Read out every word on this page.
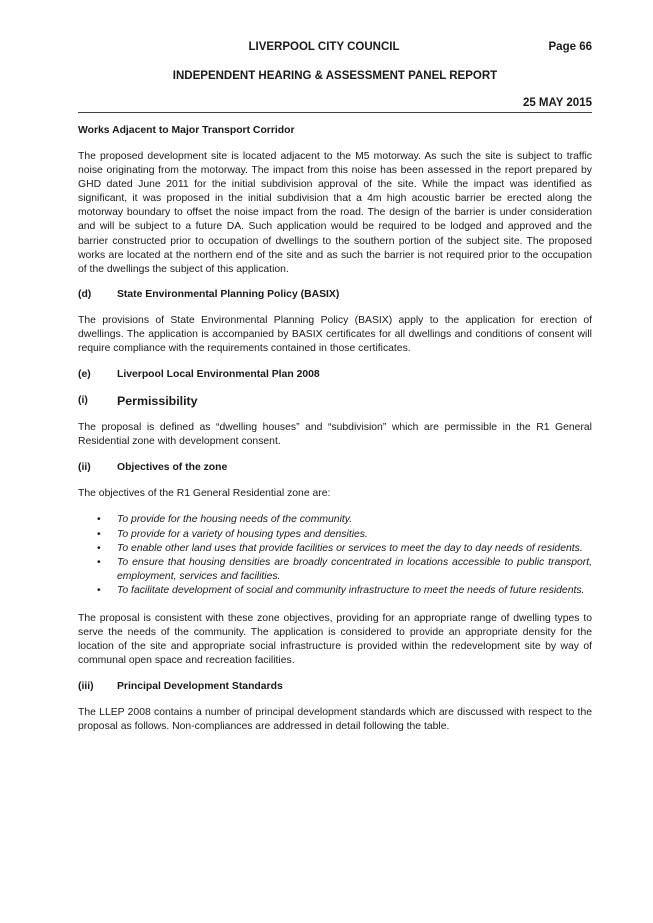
LIVERPOOL CITY COUNCIL	Page 66
INDEPENDENT HEARING & ASSESSMENT PANEL REPORT
25 MAY 2015
Works Adjacent to Major Transport Corridor

The proposed development site is located adjacent to the M5 motorway. As such the site is subject to traffic noise originating from the motorway. The impact from this noise has been assessed in the report prepared by GHD dated June 2011 for the initial subdivision approval of the site. While the impact was identified as significant, it was proposed in the initial subdivision that a 4m high acoustic barrier be erected along the motorway boundary to offset the noise impact from the road. The design of the barrier is under consideration and will be subject to a future DA. Such application would be required to be lodged and approved and the barrier constructed prior to occupation of dwellings to the southern portion of the subject site. The proposed works are located at the northern end of the site and as such the barrier is not required prior to the occupation of the dwellings the subject of this application.

(d)	State Environmental Planning Policy (BASIX)

The provisions of State Environmental Planning Policy (BASIX) apply to the application for erection of dwellings. The application is accompanied by BASIX certificates for all dwellings and conditions of consent will require compliance with the requirements contained in those certificates.

(e)	Liverpool Local Environmental Plan 2008
(i)	Permissibility

The proposal is defined as “dwelling houses” and “subdivision” which are permissible in the R1 General Residential zone with development consent.

(ii)	Objectives of the zone

The objectives of the R1 General Residential zone are:

• To provide for the housing needs of the community.
• To provide for a variety of housing types and densities.
• To enable other land uses that provide facilities or services to meet the day to day needs of residents.
• To ensure that housing densities are broadly concentrated in locations accessible to public transport, employment, services and facilities.
• To facilitate development of social and community infrastructure to meet the needs of future residents.

The proposal is consistent with these zone objectives, providing for an appropriate range of dwelling types to serve the needs of the community. The application is considered to provide an appropriate density for the location of the site and appropriate social infrastructure is provided within the redevelopment site by way of communal open space and recreation facilities.

(iii)	Principal Development Standards

The LLEP 2008 contains a number of principal development standards which are discussed with respect to the proposal as follows. Non-compliances are addressed in detail following the table.
